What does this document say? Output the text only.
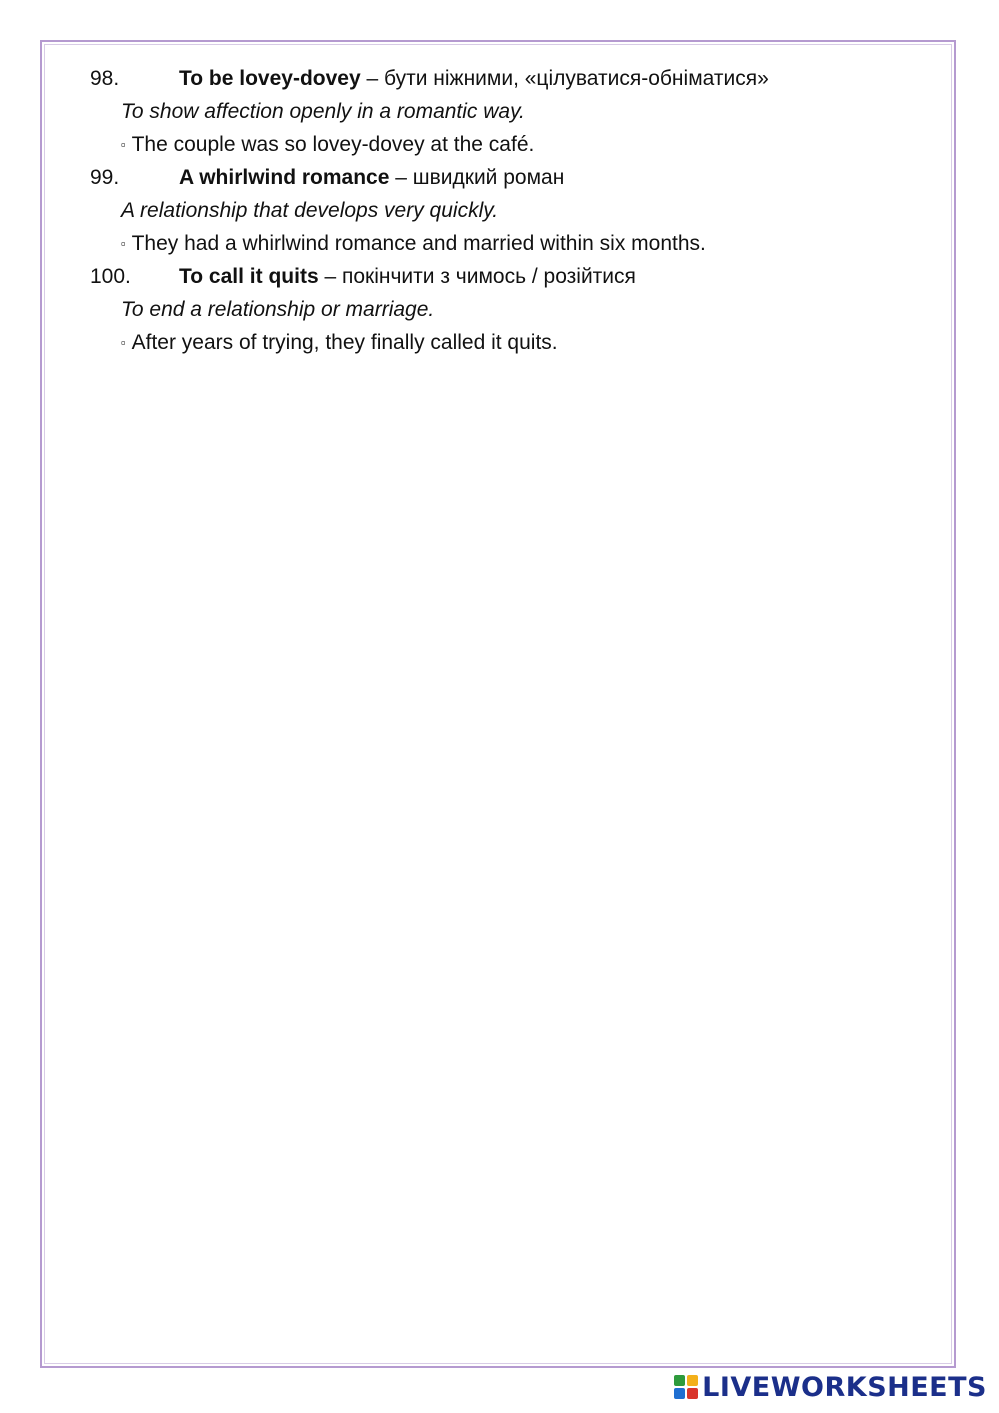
98.	To be lovey-dovey – бути ніжними, «цілуватися-обніматися»
To show affection openly in a romantic way.
▫ The couple was so lovey-dovey at the café.
99.	A whirlwind romance – швидкий роман
A relationship that develops very quickly.
▫ They had a whirlwind romance and married within six months.
100.	To call it quits – покінчити з чимось / розійтися
To end a relationship or marriage.
▫ After years of trying, they finally called it quits.
LIVEWORKSHEETS
